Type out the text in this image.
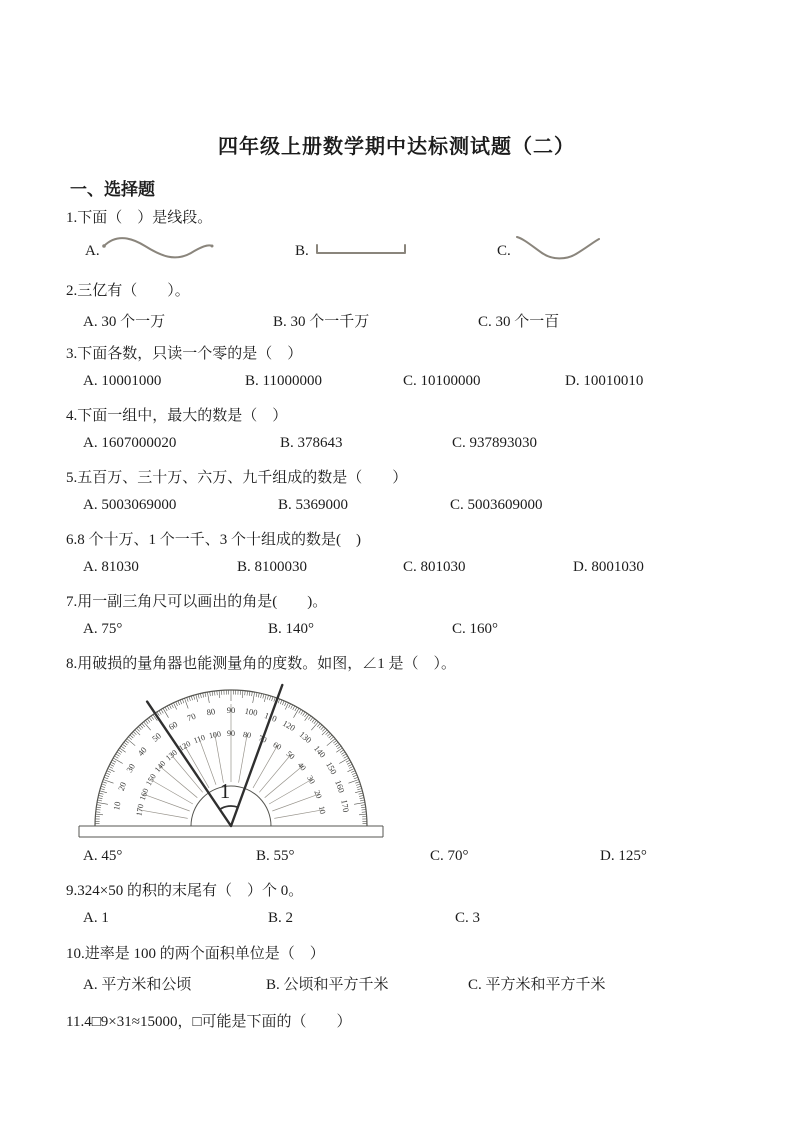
四年级上册数学期中达标测试题（二）
一、选择题
1.下面（　）是线段。
A.	B.	C.
2.三亿有（　　）。
A. 30 个一万	B. 30 个一千万	C. 30 个一百
3.下面各数，只读一个零的是（　）
A. 10001000	B. 11000000	C. 10100000	D. 10010010
4.下面一组中，最大的数是（　）
A. 1607000020	B. 378643	C. 937893030
5.五百万、三十万、六万、九千组成的数是（　　）
A. 5003069000	B. 5369000	C. 5003609000
6.8 个十万、1 个一千、3 个十组成的数是(　)
A. 81030	B. 8100030	C. 801030	D. 8001030
7.用一副三角尺可以画出的角是(　　)。
A. 75°	B. 140°	C. 160°
8.用破损的量角器也能测量角的度数。如图，∠1 是（　）。
10
20
30
40
50
60
70 80 90 100 110
120
130
140
150
160
170
170
160
150
140
130
120 110 100 90 80 70
60
50
40
30
20
10
1
A. 45°	B. 55°	C. 70°	D. 125°
9.324×50 的积的末尾有（　）个 0。
A. 1	B. 2	C. 3
10.进率是 100 的两个面积单位是（　）
A. 平方米和公顷	B. 公顷和平方千米	C. 平方米和平方千米
11.4□9×31≈15000，□可能是下面的（　　）
